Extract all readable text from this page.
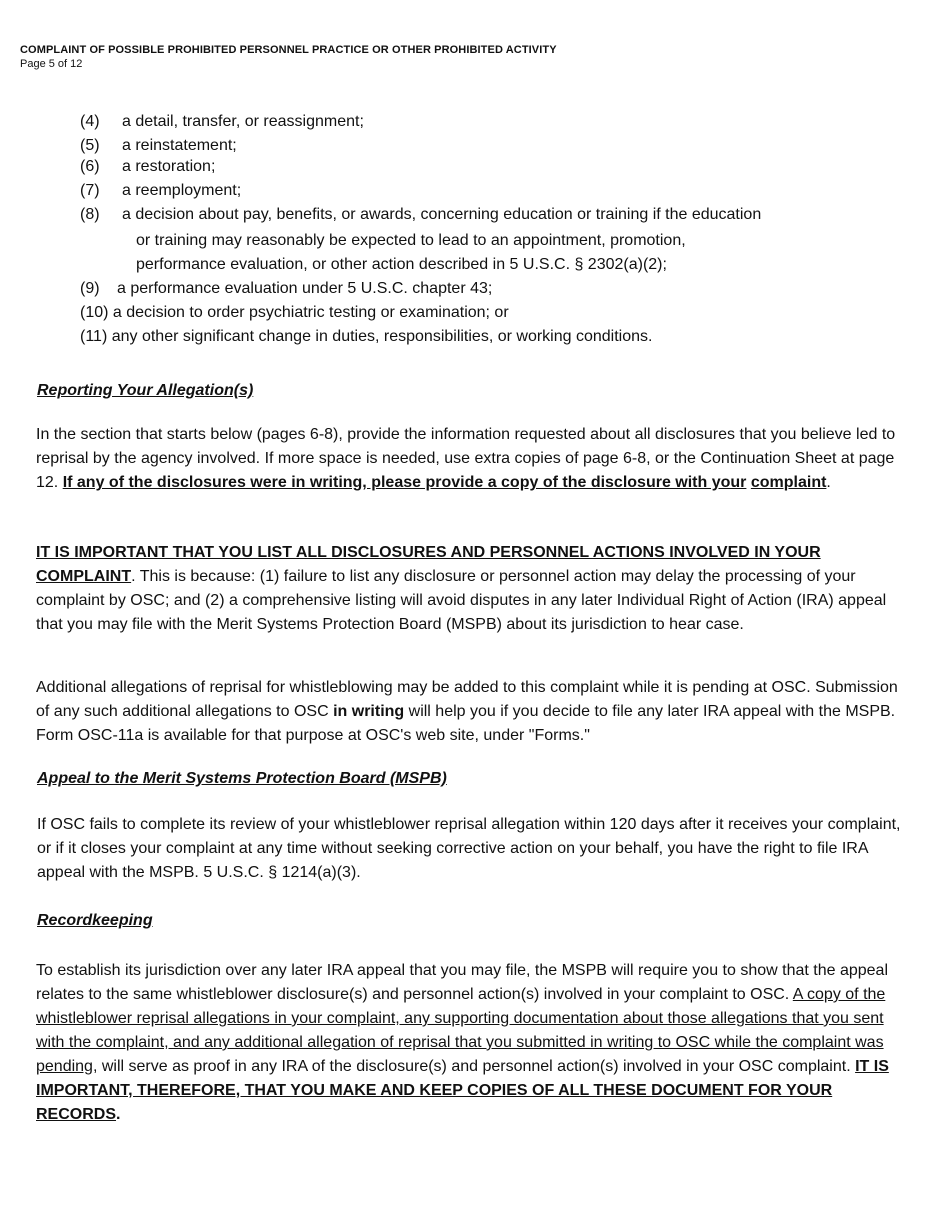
COMPLAINT OF POSSIBLE PROHIBITED PERSONNEL PRACTICE OR OTHER PROHIBITED ACTIVITY
Page 5 of 12
(4) a detail, transfer, or reassignment;
(5) a reinstatement;
(6) a restoration;
(7) a reemployment;
(8) a decision about pay, benefits, or awards, concerning education or training if the education
or training may reasonably be expected to lead to an appointment, promotion,
performance evaluation, or other action described in 5 U.S.C. § 2302(a)(2);
(9) a performance evaluation under 5 U.S.C. chapter 43;
(10) a decision to order psychiatric testing or examination; or
(11) any other significant change in duties, responsibilities, or working conditions.
Reporting Your Allegation(s)
In the section that starts below (pages 6-8), provide the information requested about all disclosures that you believe led to reprisal by the agency involved. If more space is needed, use extra copies of page 6-8, or the Continuation Sheet at page 12. If any of the disclosures were in writing, please provide a copy of the disclosure with your complaint.
IT IS IMPORTANT THAT YOU LIST ALL DISCLOSURES AND PERSONNEL ACTIONS INVOLVED IN YOUR COMPLAINT. This is because: (1) failure to list any disclosure or personnel action may delay the processing of your complaint by OSC; and (2) a comprehensive listing will avoid disputes in any later Individual Right of Action (IRA) appeal that you may file with the Merit Systems Protection Board (MSPB) about its jurisdiction to hear case.
Additional allegations of reprisal for whistleblowing may be added to this complaint while it is pending at OSC. Submission of any such additional allegations to OSC in writing will help you if you decide to file any later IRA appeal with the MSPB. Form OSC-11a is available for that purpose at OSC's web site, under "Forms."
Appeal to the Merit Systems Protection Board (MSPB)
If OSC fails to complete its review of your whistleblower reprisal allegation within 120 days after it receives your complaint, or if it closes your complaint at any time without seeking corrective action on your behalf, you have the right to file IRA appeal with the MSPB. 5 U.S.C. § 1214(a)(3).
Recordkeeping
To establish its jurisdiction over any later IRA appeal that you may file, the MSPB will require you to show that the appeal relates to the same whistleblower disclosure(s) and personnel action(s) involved in your complaint to OSC. A copy of the whistleblower reprisal allegations in your complaint, any supporting documentation about those allegations that you sent with the complaint, and any additional allegation of reprisal that you submitted in writing to OSC while the complaint was pending, will serve as proof in any IRA of the disclosure(s) and personnel action(s) involved in your OSC complaint. IT IS IMPORTANT, THEREFORE, THAT YOU MAKE AND KEEP COPIES OF ALL THESE DOCUMENT FOR YOUR RECORDS.
